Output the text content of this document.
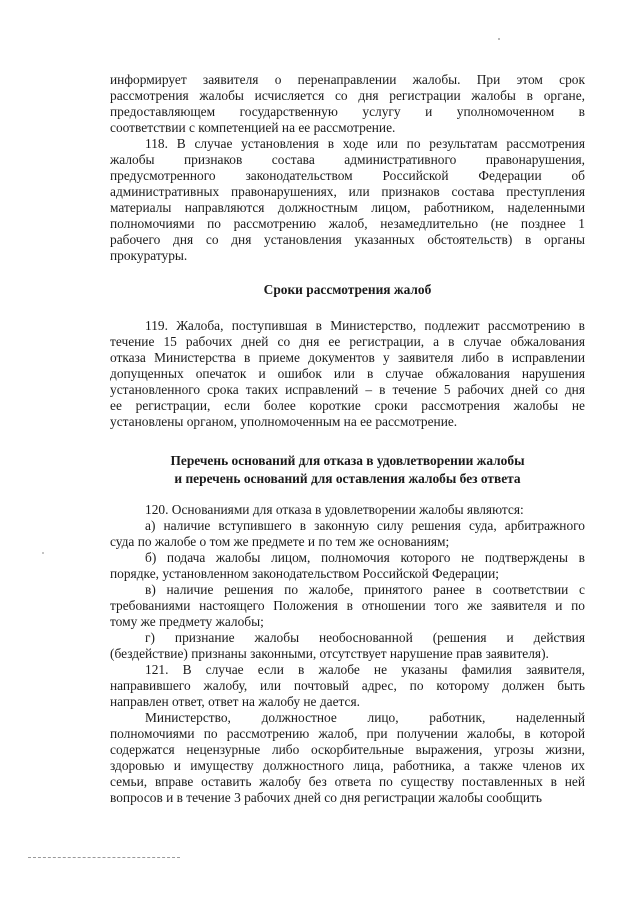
информирует заявителя о перенаправлении жалобы. При этом срок

рассмотрения жалобы исчисляется со дня регистрации жалобы в органе,

предоставляющем государственную услугу и уполномоченном в

соответствии с компетенцией на ее рассмотрение.

118. В случае установления в ходе или по результатам рассмотрения

жалобы признаков состава административного правонарушения,

предусмотренного законодательством Российской Федерации об

административных правонарушениях, или признаков состава преступления

материалы направляются должностным лицом, работником, наделенными

полномочиями по рассмотрению жалоб, незамедлительно (не позднее 1

рабочего дня со дня установления указанных обстоятельств) в органы

прокуратуры.

Сроки рассмотрения жалоб

119. Жалоба, поступившая в Министерство, подлежит рассмотрению в

течение 15 рабочих дней со дня ее регистрации, а в случае обжалования

отказа Министерства в приеме документов у заявителя либо в исправлении

допущенных опечаток и ошибок или в случае обжалования нарушения

установленного срока таких исправлений – в течение 5 рабочих дней со дня

ее регистрации, если более короткие сроки рассмотрения жалобы не

установлены органом, уполномоченным на ее рассмотрение.

Перечень оснований для отказа в удовлетворении жалобы
и перечень оснований для оставления жалобы без ответа

120. Основаниями для отказа в удовлетворении жалобы являются:

а) наличие вступившего в законную силу решения суда, арбитражного

суда по жалобе о том же предмете и по тем же основаниям;

б) подача жалобы лицом, полномочия которого не подтверждены в

порядке, установленном законодательством Российской Федерации;

в) наличие решения по жалобе, принятого ранее в соответствии с

требованиями настоящего Положения в отношении того же заявителя и по

тому же предмету жалобы;

г) признание жалобы необоснованной (решения и действия

(бездействие) признаны законными, отсутствует нарушение прав заявителя).

121. В случае если в жалобе не указаны фамилия заявителя,

направившего жалобу, или почтовый адрес, по которому должен быть

направлен ответ, ответ на жалобу не дается.

Министерство, должностное лицо, работник, наделенный

полномочиями по рассмотрению жалоб, при получении жалобы, в которой

содержатся нецензурные либо оскорбительные выражения, угрозы жизни,

здоровью и имуществу должностного лица, работника, а также членов их

семьи, вправе оставить жалобу без ответа по существу поставленных в ней

вопросов и в течение 3 рабочих дней со дня регистрации жалобы сообщить
